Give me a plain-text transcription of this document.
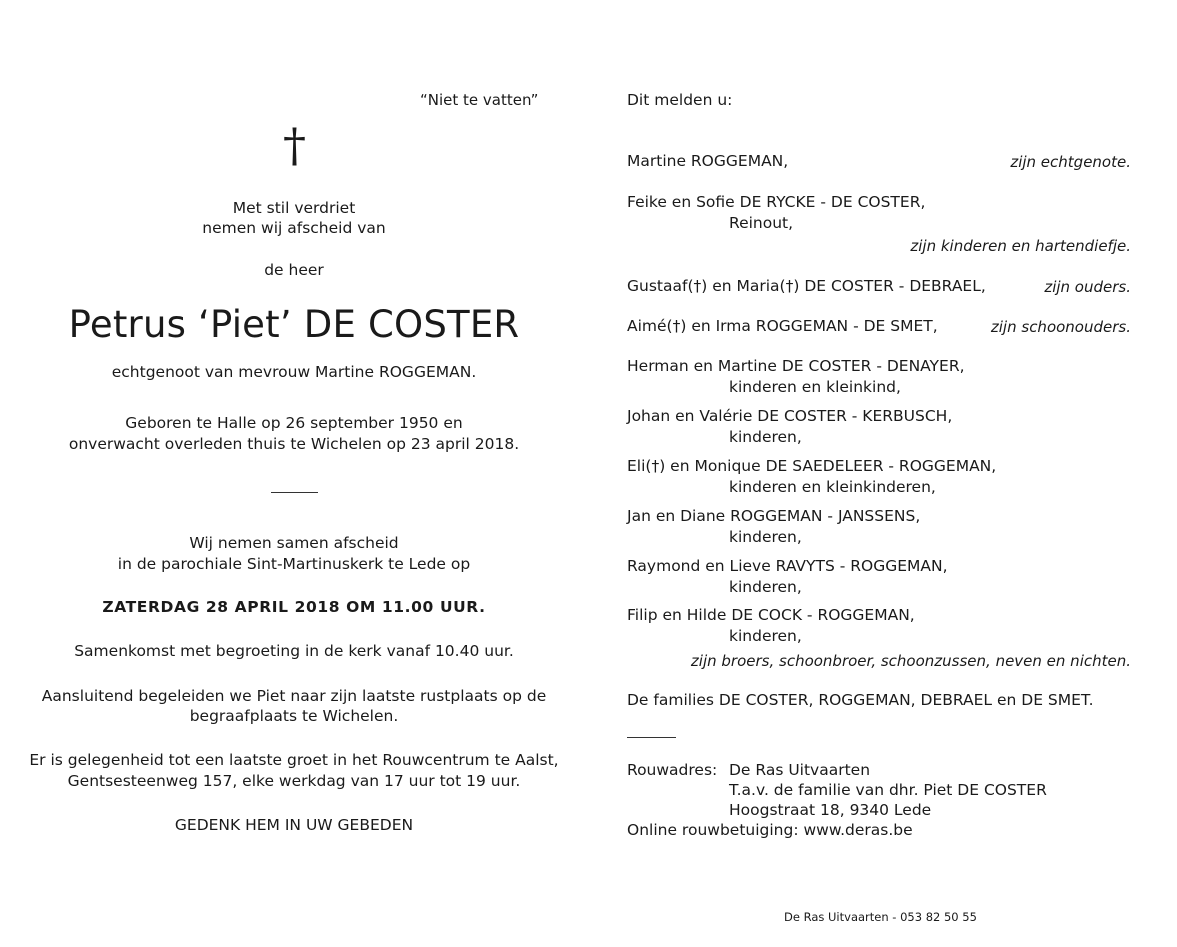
“Niet te vatten”
†
Met stil verdriet
nemen wij afscheid van
de heer
Petrus ‘Piet’ DE COSTER
echtgenoot van mevrouw Martine ROGGEMAN.
Geboren te Halle op 26 september 1950 en
onverwacht overleden thuis te Wichelen op 23 april 2018.
Wij nemen samen afscheid
in de parochiale Sint-Martinuskerk te Lede op
ZATERDAG 28 APRIL 2018 OM 11.00 UUR.
Samenkomst met begroeting in de kerk vanaf 10.40 uur.
Aansluitend begeleiden we Piet naar zijn laatste rustplaats op de
begraafplaats te Wichelen.
Er is gelegenheid tot een laatste groet in het Rouwcentrum te Aalst,
Gentsesteenweg 157, elke werkdag van 17 uur tot 19 uur.
GEDENK HEM IN UW GEBEDEN
Dit melden u:
Martine ROGGEMAN,	zijn echtgenote.
Feike en Sofie DE RYCKE - DE COSTER,
Reinout,
zijn kinderen en hartendiefje.
Gustaaf(†) en Maria(†) DE COSTER - DEBRAEL,	zijn ouders.
Aimé(†) en Irma ROGGEMAN - DE SMET,	zijn schoonouders.
Herman en Martine DE COSTER - DENAYER,
kinderen en kleinkind,
Johan en Valérie DE COSTER - KERBUSCH,
kinderen,
Eli(†) en Monique DE SAEDELEER - ROGGEMAN,
kinderen en kleinkinderen,
Jan en Diane ROGGEMAN - JANSSENS,
kinderen,
Raymond en Lieve RAVYTS - ROGGEMAN,
kinderen,
Filip en Hilde DE COCK - ROGGEMAN,
kinderen,
zijn broers, schoonbroer, schoonzussen, neven en nichten.
De families DE COSTER, ROGGEMAN, DEBRAEL en DE SMET.
Rouwadres: De Ras Uitvaarten
T.a.v. de familie van dhr. Piet DE COSTER
Hoogstraat 18, 9340 Lede
Online rouwbetuiging: www.deras.be
De Ras Uitvaarten - 053 82 50 55
